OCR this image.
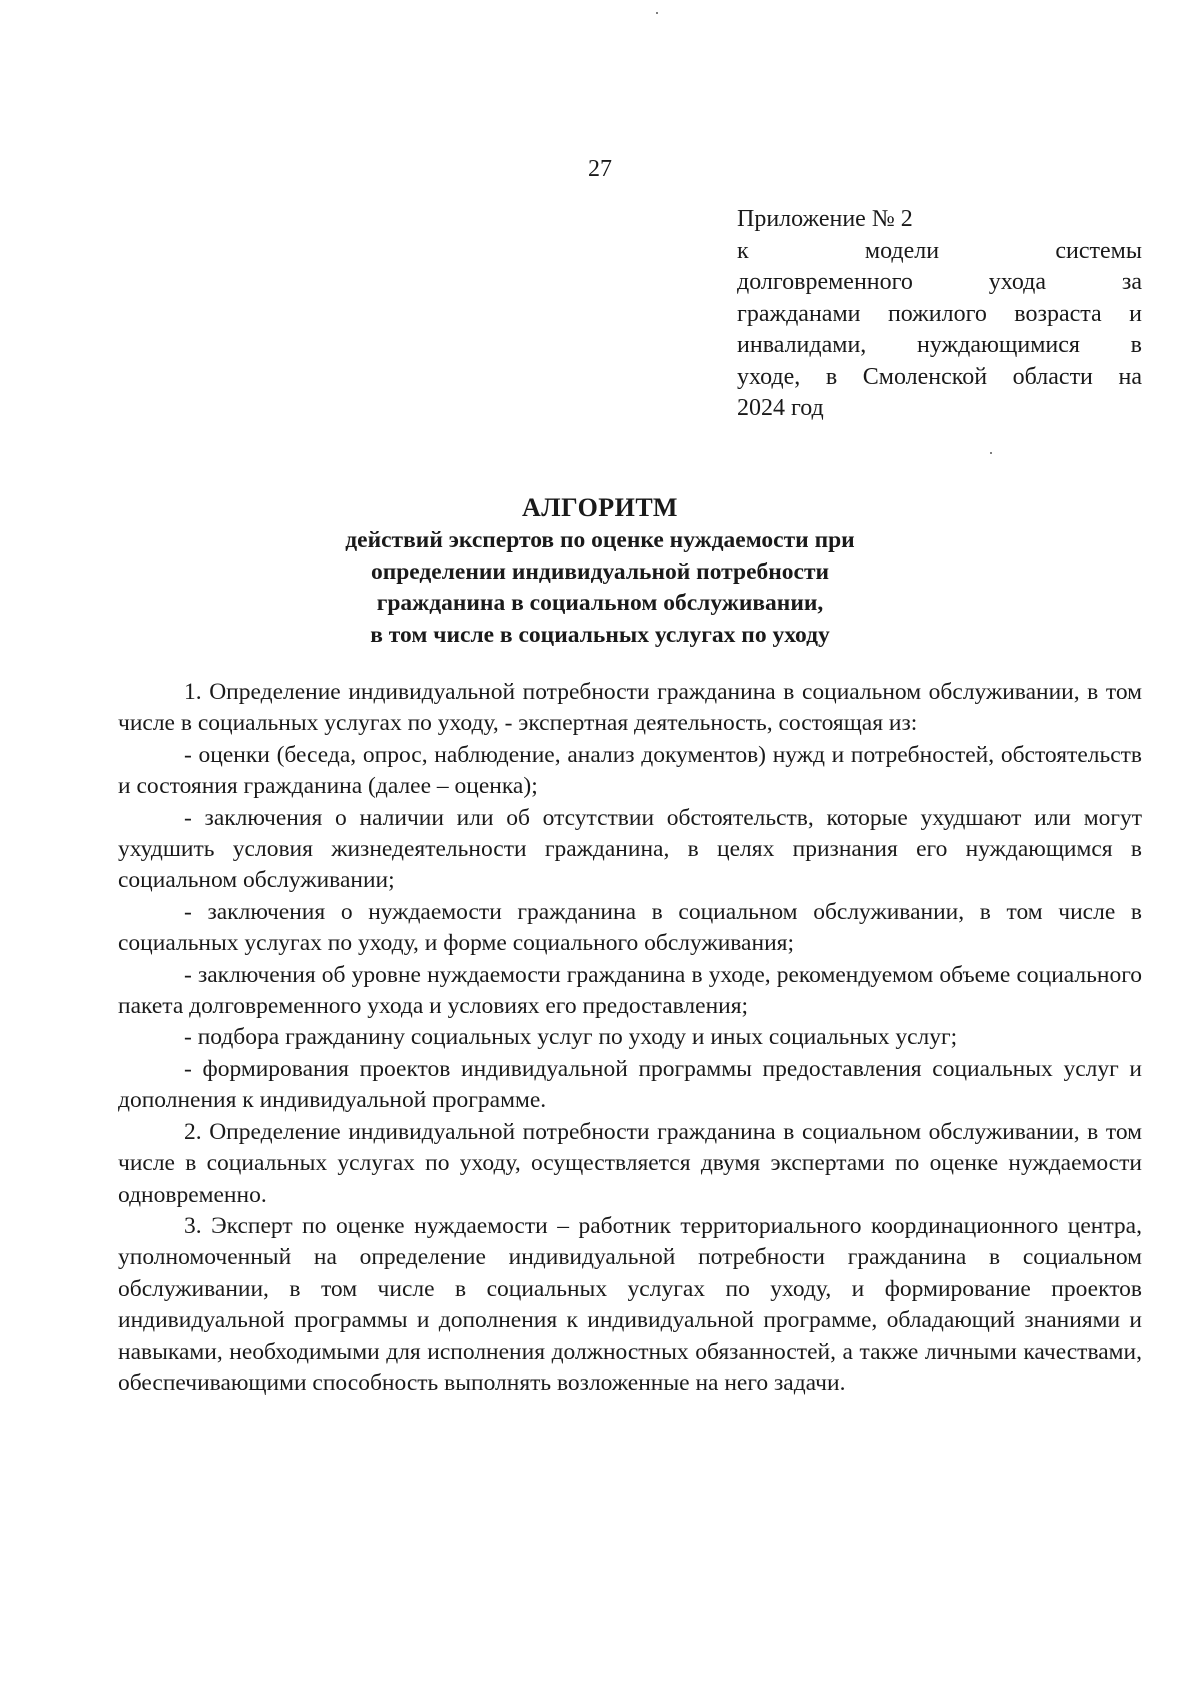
27
Приложение № 2
к модели системы
долговременного ухода за
гражданами пожилого возраста и
инвалидами, нуждающимися в
уходе, в Смоленской области на
2024 год
АЛГОРИТМ
действий экспертов по оценке нуждаемости при
определении индивидуальной потребности
гражданина в социальном обслуживании,
в том числе в социальных услугах по уходу

1. Определение индивидуальной потребности гражданина в социальном обслуживании, в том числе в социальных услугах по уходу, - экспертная деятельность, состоящая из:

- оценки (беседа, опрос, наблюдение, анализ документов) нужд и потребностей, обстоятельств и состояния гражданина (далее – оценка);

- заключения о наличии или об отсутствии обстоятельств, которые ухудшают или могут ухудшить условия жизнедеятельности гражданина, в целях признания его нуждающимся в социальном обслуживании;

- заключения о нуждаемости гражданина в социальном обслуживании, в том числе в социальных услугах по уходу, и форме социального обслуживания;

- заключения об уровне нуждаемости гражданина в уходе, рекомендуемом объеме социального пакета долговременного ухода и условиях его предоставления;

- подбора гражданину социальных услуг по уходу и иных социальных услуг;

- формирования проектов индивидуальной программы предоставления социальных услуг и дополнения к индивидуальной программе.

2. Определение индивидуальной потребности гражданина в социальном обслуживании, в том числе в социальных услугах по уходу, осуществляется двумя экспертами по оценке нуждаемости одновременно.

3. Эксперт по оценке нуждаемости – работник территориального координационного центра, уполномоченный на определение индивидуальной потребности гражданина в социальном обслуживании, в том числе в социальных услугах по уходу, и формирование проектов индивидуальной программы и дополнения к индивидуальной программе, обладающий знаниями и навыками, необходимыми для исполнения должностных обязанностей, а также личными качествами, обеспечивающими способность выполнять возложенные на него задачи.
